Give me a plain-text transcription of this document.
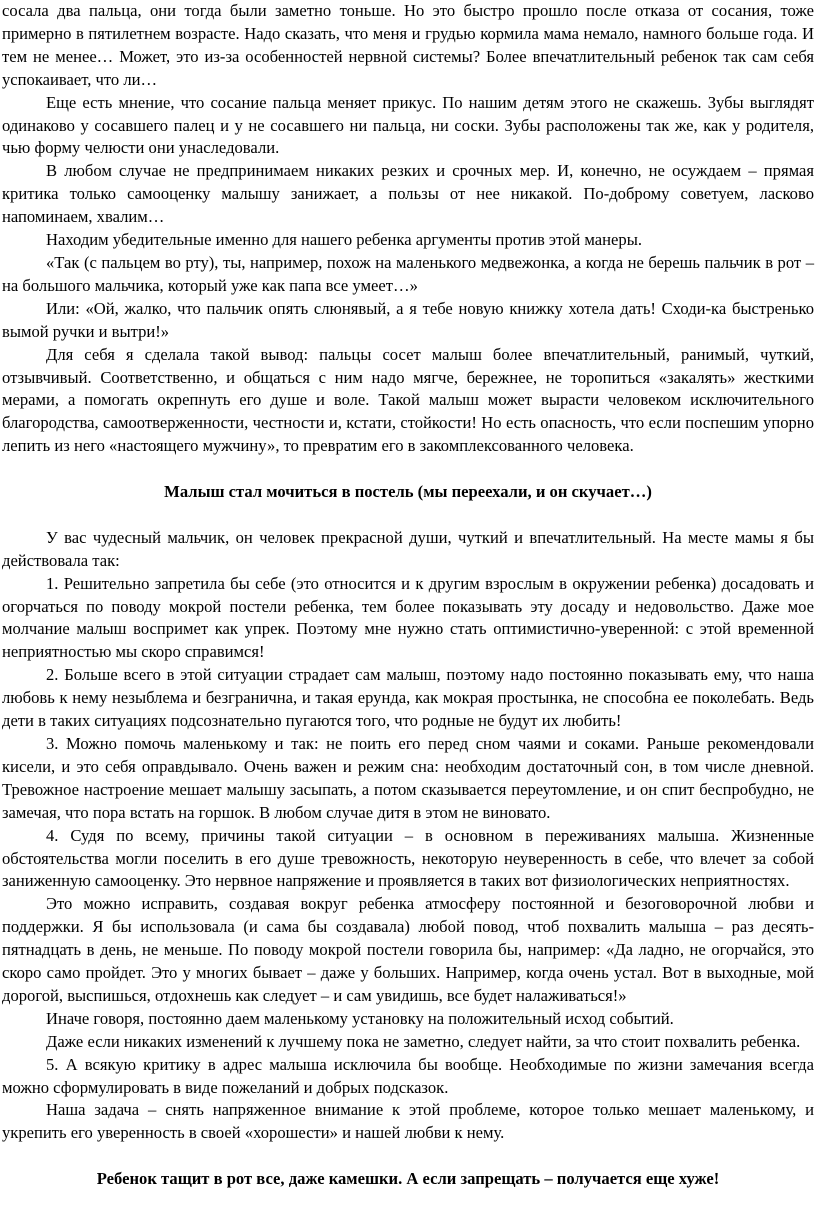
сосала два пальца, они тогда были заметно тоньше. Но это быстро прошло после отказа от сосания, тоже примерно в пятилетнем возрасте. Надо сказать, что меня и грудью кормила мама немало, намного больше года. И тем не менее… Может, это из-за особенностей нервной системы? Более впечатлительный ребенок так сам себя успокаивает, что ли…

Еще есть мнение, что сосание пальца меняет прикус. По нашим детям этого не скажешь. Зубы выглядят одинаково у сосавшего палец и у не сосавшего ни пальца, ни соски. Зубы расположены так же, как у родителя, чью форму челюсти они унаследовали.

В любом случае не предпринимаем никаких резких и срочных мер. И, конечно, не осуждаем – прямая критика только самооценку малышу занижает, а пользы от нее никакой. По-доброму советуем, ласково напоминаем, хвалим…

Находим убедительные именно для нашего ребенка аргументы против этой манеры.

«Так (с пальцем во рту), ты, например, похож на маленького медвежонка, а когда не берешь пальчик в рот – на большого мальчика, который уже как папа все умеет…»

Или: «Ой, жалко, что пальчик опять слюнявый, а я тебе новую книжку хотела дать! Сходи-ка быстренько вымой ручки и вытри!»

Для себя я сделала такой вывод: пальцы сосет малыш более впечатлительный, ранимый, чуткий, отзывчивый. Соответственно, и общаться с ним надо мягче, бережнее, не торопиться «закалять» жесткими мерами, а помогать окрепнуть его душе и воле. Такой малыш может вырасти человеком исключительного благородства, самоотверженности, честности и, кстати, стойкости! Но есть опасность, что если поспешим упорно лепить из него «настоящего мужчину», то превратим его в закомплексованного человека.

Малыш стал мочиться в постель (мы переехали, и он скучает…)

У вас чудесный мальчик, он человек прекрасной души, чуткий и впечатлительный. На месте мамы я бы действовала так:

1. Решительно запретила бы себе (это относится и к другим взрослым в окружении ребенка) досадовать и огорчаться по поводу мокрой постели ребенка, тем более показывать эту досаду и недовольство. Даже мое молчание малыш воспримет как упрек. Поэтому мне нужно стать оптимистично-уверенной: с этой временной неприятностью мы скоро справимся!

2. Больше всего в этой ситуации страдает сам малыш, поэтому надо постоянно показывать ему, что наша любовь к нему незыблема и безгранична, и такая ерунда, как мокрая простынка, не способна ее поколебать. Ведь дети в таких ситуациях подсознательно пугаются того, что родные не будут их любить!

3. Можно помочь маленькому и так: не поить его перед сном чаями и соками. Раньше рекомендовали кисели, и это себя оправдывало. Очень важен и режим сна: необходим достаточный сон, в том числе дневной. Тревожное настроение мешает малышу засыпать, а потом сказывается переутомление, и он спит беспробудно, не замечая, что пора встать на горшок. В любом случае дитя в этом не виновато.

4. Судя по всему, причины такой ситуации – в основном в переживаниях малыша. Жизненные обстоятельства могли поселить в его душе тревожность, некоторую неуверенность в себе, что влечет за собой заниженную самооценку. Это нервное напряжение и проявляется в таких вот физиологических неприятностях.

Это можно исправить, создавая вокруг ребенка атмосферу постоянной и безоговорочной любви и поддержки. Я бы использовала (и сама бы создавала) любой повод, чтоб похвалить малыша – раз десять-пятнадцать в день, не меньше. По поводу мокрой постели говорила бы, например: «Да ладно, не огорчайся, это скоро само пройдет. Это у многих бывает – даже у больших. Например, когда очень устал. Вот в выходные, мой дорогой, выспишься, отдохнешь как следует – и сам увидишь, все будет налаживаться!»

Иначе говоря, постоянно даем маленькому установку на положительный исход событий.

Даже если никаких изменений к лучшему пока не заметно, следует найти, за что стоит похвалить ребенка.

5. А всякую критику в адрес малыша исключила бы вообще. Необходимые по жизни замечания всегда можно сформулировать в виде пожеланий и добрых подсказок.

Наша задача – снять напряженное внимание к этой проблеме, которое только мешает маленькому, и укрепить его уверенность в своей «хорошести» и нашей любви к нему.

Ребенок тащит в рот все, даже камешки. А если запрещать – получается еще хуже!
